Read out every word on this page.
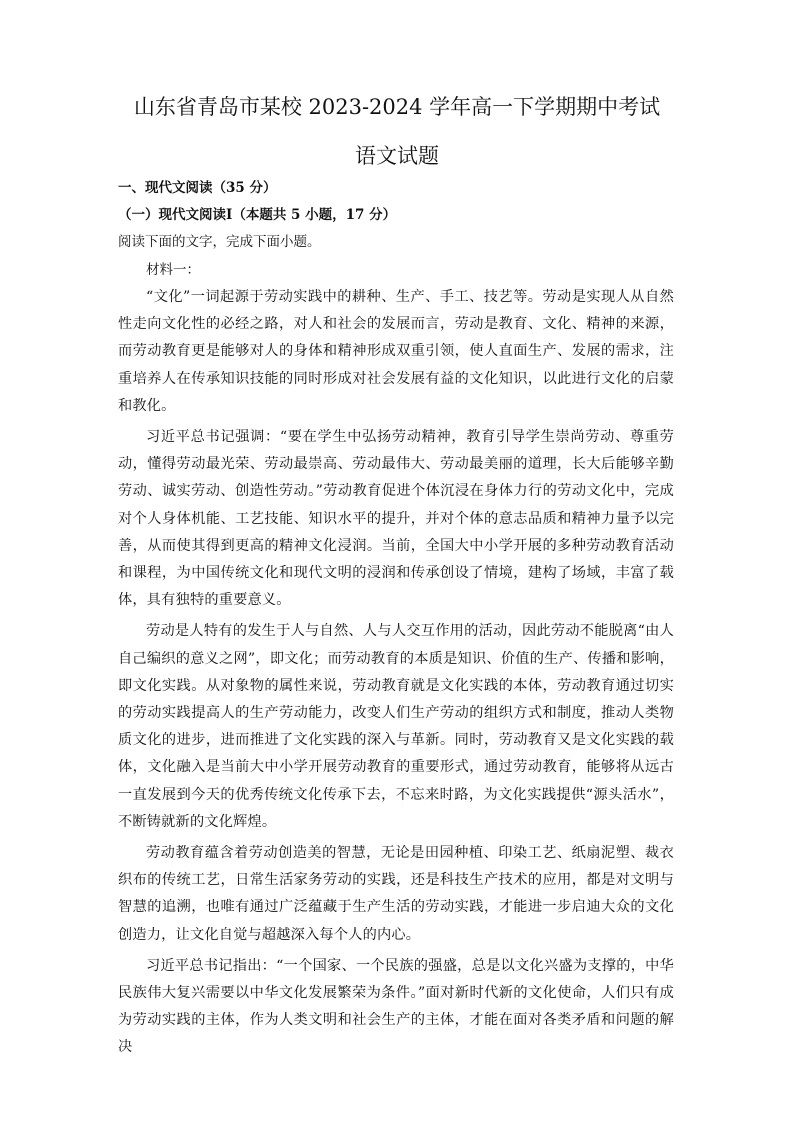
山东省青岛市某校 2023-2024 学年高一下学期期中考试
语文试题
一、现代文阅读（35 分）
（一）现代文阅读Ⅰ（本题共 5 小题，17 分）
阅读下面的文字，完成下面小题。
材料一：

“文化”一词起源于劳动实践中的耕种、生产、手工、技艺等。劳动是实现人从自然性走向文化性的必经之路，对人和社会的发展而言，劳动是教育、文化、精神的来源，而劳动教育更是能够对人的身体和精神形成双重引领，使人直面生产、发展的需求，注重培养人在传承知识技能的同时形成对社会发展有益的文化知识，以此进行文化的启蒙和教化。

习近平总书记强调：“要在学生中弘扬劳动精神，教育引导学生崇尚劳动、尊重劳动，懂得劳动最光荣、劳动最崇高、劳动最伟大、劳动最美丽的道理，长大后能够辛勤劳动、诚实劳动、创造性劳动。”劳动教育促进个体沉浸在身体力行的劳动文化中，完成对个人身体机能、工艺技能、知识水平的提升，并对个体的意志品质和精神力量予以完善，从而使其得到更高的精神文化浸润。当前，全国大中小学开展的多种劳动教育活动和课程，为中国传统文化和现代文明的浸润和传承创设了情境，建构了场域，丰富了载体，具有独特的重要意义。

劳动是人特有的发生于人与自然、人与人交互作用的活动，因此劳动不能脱离“由人自己编织的意义之网”，即文化；而劳动教育的本质是知识、价值的生产、传播和影响，即文化实践。从对象物的属性来说，劳动教育就是文化实践的本体，劳动教育通过切实的劳动实践提高人的生产劳动能力，改变人们生产劳动的组织方式和制度，推动人类物质文化的进步，进而推进了文化实践的深入与革新。同时，劳动教育又是文化实践的载体，文化融入是当前大中小学开展劳动教育的重要形式，通过劳动教育，能够将从远古一直发展到今天的优秀传统文化传承下去，不忘来时路，为文化实践提供“源头活水”，不断铸就新的文化辉煌。

劳动教育蕴含着劳动创造美的智慧，无论是田园种植、印染工艺、纸扇泥塑、裁衣织布的传统工艺，日常生活家务劳动的实践，还是科技生产技术的应用，都是对文明与智慧的追溯，也唯有通过广泛蕴藏于生产生活的劳动实践，才能进一步启迪大众的文化创造力，让文化自觉与超越深入每个人的内心。

习近平总书记指出：“一个国家、一个民族的强盛，总是以文化兴盛为支撑的，中华民族伟大复兴需要以中华文化发展繁荣为条件。”面对新时代新的文化使命，人们只有成为劳动实践的主体，作为人类文明和社会生产的主体，才能在面对各类矛盾和问题的解决
